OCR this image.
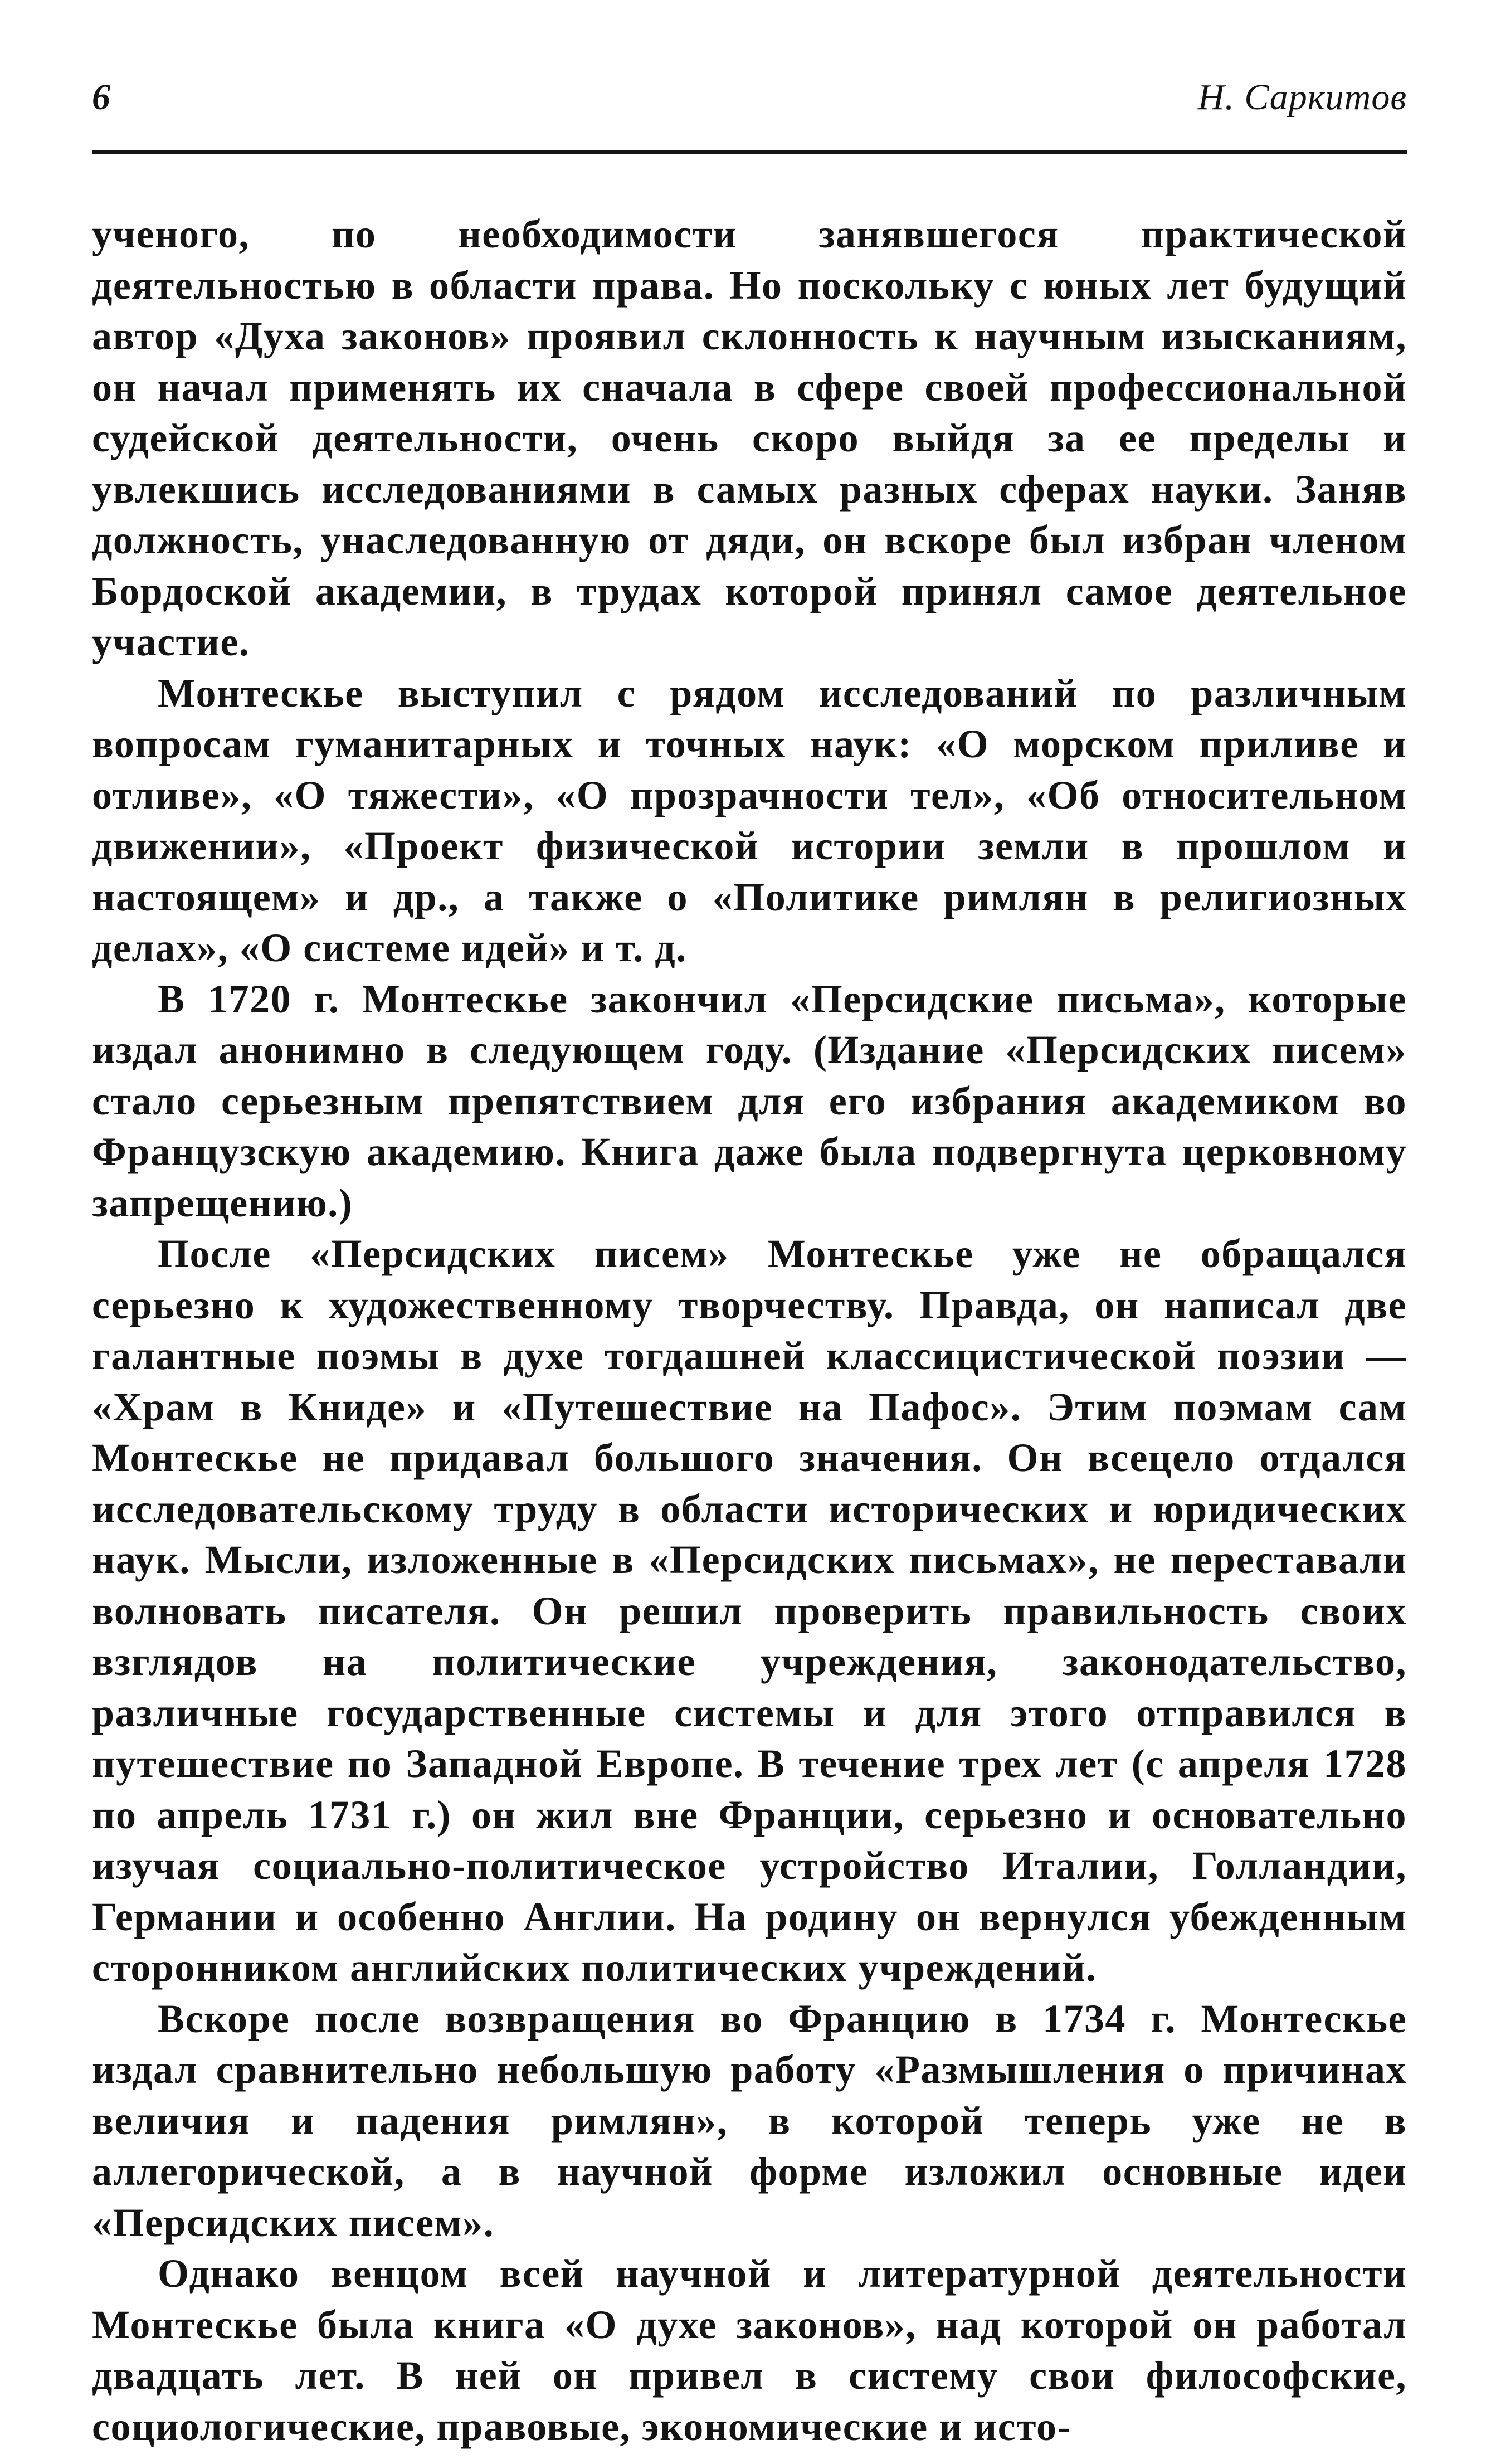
6	Н. Саркитов

ученого, по необходимости занявшегося практической деятельностью в области права. Но поскольку с юных лет будущий автор «Духа законов» проявил склонность к научным изысканиям, он начал применять их сначала в сфере своей профессиональной судейской деятельности, очень скоро выйдя за ее пределы и увлекшись исследованиями в самых разных сферах науки. Заняв должность, унаследованную от дяди, он вскоре был избран членом Бордоской академии, в трудах которой принял самое деятельное участие.

Монтескье выступил с рядом исследований по различным вопросам гуманитарных и точных наук: «О морском приливе и отливе», «О тяжести», «О прозрачности тел», «Об относительном движении», «Проект физической истории земли в прошлом и настоящем» и др., а также о «Политике римлян в религиозных делах», «О системе идей» и т. д.

В 1720 г. Монтескье закончил «Персидские письма», которые издал анонимно в следующем году. (Издание «Персидских писем» стало серьезным препятствием для его избрания академиком во Французскую академию. Книга даже была подвергнута церковному запрещению.)

После «Персидских писем» Монтескье уже не обращался серьезно к художественному творчеству. Правда, он написал две галантные поэмы в духе тогдашней классицистической поэзии — «Храм в Книде» и «Путешествие на Пафос». Этим поэмам сам Монтескье не придавал большого значения. Он всецело отдался исследовательскому труду в области исторических и юридических наук. Мысли, изложенные в «Персидских письмах», не переставали волновать писателя. Он решил проверить правильность своих взглядов на политические учреждения, законодательство, различные государственные системы и для этого отправился в путешествие по Западной Европе. В течение трех лет (с апреля 1728 по апрель 1731 г.) он жил вне Франции, серьезно и основательно изучая социально-политическое устройство Италии, Голландии, Германии и особенно Англии. На родину он вернулся убежденным сторонником английских политических учреждений.

Вскоре после возвращения во Францию в 1734 г. Монтескье издал сравнительно небольшую работу «Размышления о причинах величия и падения римлян», в которой теперь уже не в аллегорической, а в научной форме изложил основные идеи «Персидских писем».

Однако венцом всей научной и литературной деятельности Монтескье была книга «О духе законов», над которой он работал двадцать лет. В ней он привел в систему свои философские, социологические, правовые, экономические и исто-
